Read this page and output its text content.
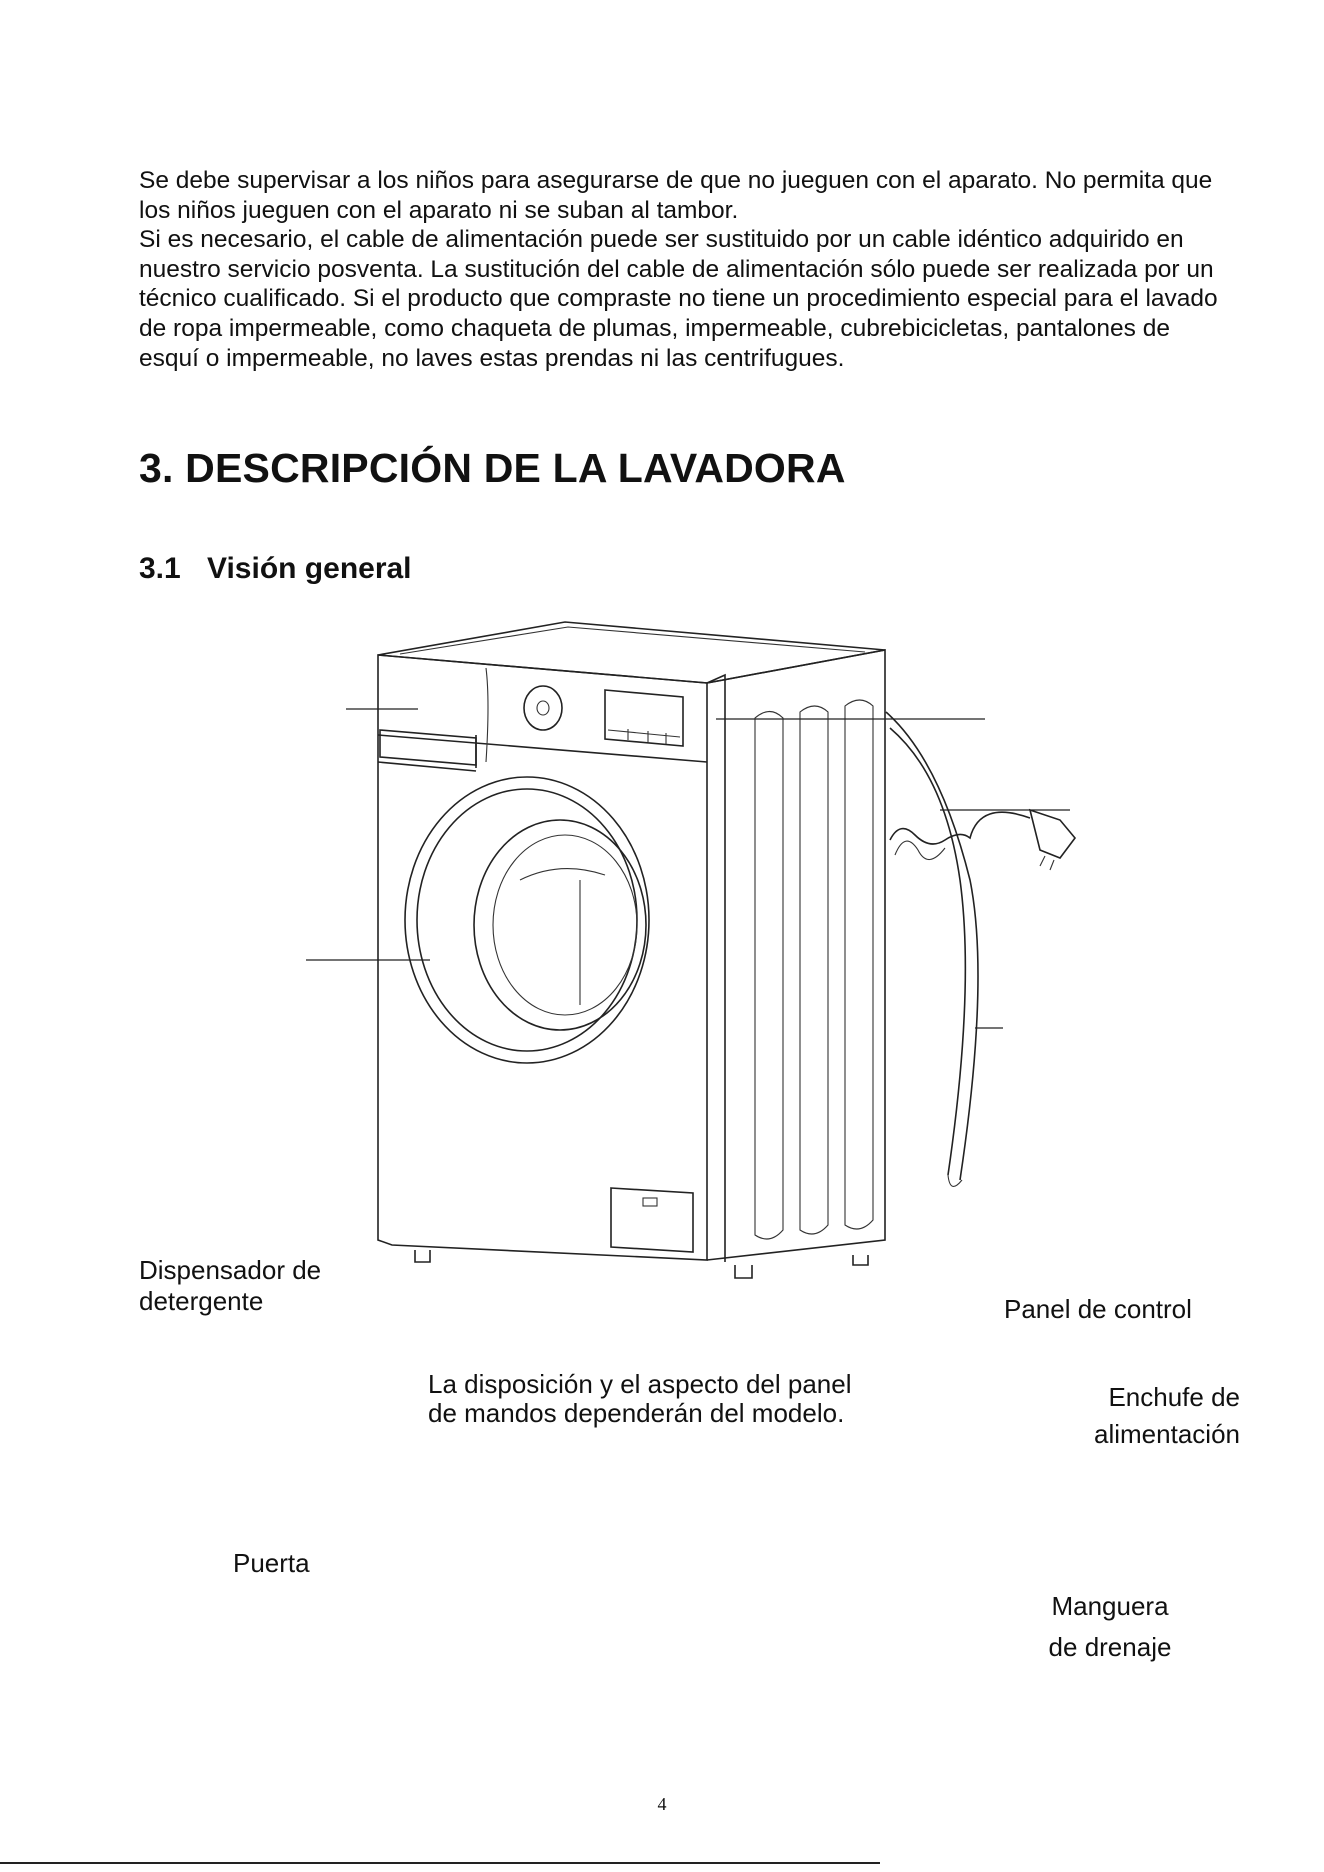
Se debe supervisar a los niños para asegurarse de que no jueguen con el aparato. No permita que los niños jueguen con el aparato ni se suban al tambor.

Si es necesario, el cable de alimentación puede ser sustituido por un cable idéntico adquirido en nuestro servicio posventa. La sustitución del cable de alimentación sólo puede ser realizada por un técnico cualificado. Si el producto que compraste no tiene un procedimiento especial para el lavado de ropa impermeable, como chaqueta de plumas, impermeable, cubrebicicletas, pantalones de esquí o impermeable, no laves estas prendas ni las centrifugues.

3. DESCRIPCIÓN DE LA LAVADORA
3.1 Visión general
Dispensador de
detergente	Panel de control
Enchufe de
alimentación
Puerta
Manguera
de drenaje
La disposición y el aspecto del panel
de mandos dependerán del modelo.
4
